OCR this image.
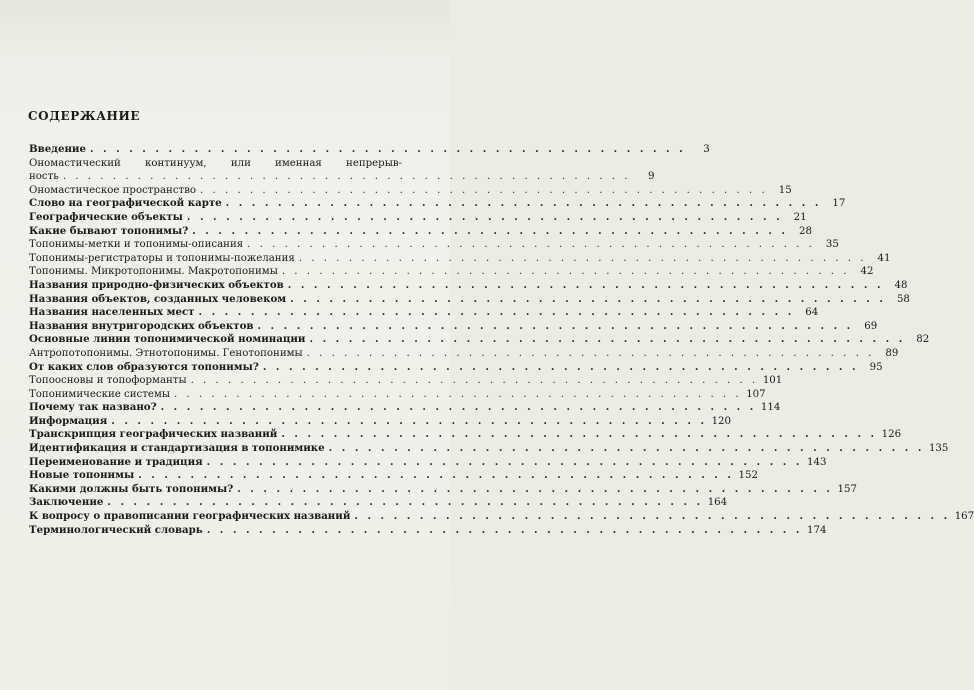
СОДЕРЖАНИЕ
Введение . . . . . . . . . . . . . . . . . . . . . . . . . . . . . . . . . . . . . . . . . . . . . .	3
Ономастический континуум, или именная непрерыв-
ность . . . . . . . . . . . . . . . . . . . . . . . . . . . . . . . . . . . . . . . . . . . . . .	9
Ономастическое пространство . . . . . . . . . . . . . . . . . . . . . . . . . . . . . . . . . . . . . . . . . . . . . .	15
Слово на географической карте . . . . . . . . . . . . . . . . . . . . . . . . . . . . . . . . . . . . . . . . . . . . . .	17
Географические объекты . . . . . . . . . . . . . . . . . . . . . . . . . . . . . . . . . . . . . . . . . . . . . .	21
Какие бывают топонимы? . . . . . . . . . . . . . . . . . . . . . . . . . . . . . . . . . . . . . . . . . . . . . .	28
Топонимы-метки и топонимы-описания . . . . . . . . . . . . . . . . . . . . . . . . . . . . . . . . . . . . . . . . . . . . . .	35
Топонимы-регистраторы и топонимы-пожелания . . . . . . . . . . . . . . . . . . . . . . . . . . . . . . . . . . . . . . . . . . . . . .	41
Топонимы. Микротопонимы. Макротопонимы . . . . . . . . . . . . . . . . . . . . . . . . . . . . . . . . . . . . . . . . . . . . . .	42
Названия природно-физических объектов . . . . . . . . . . . . . . . . . . . . . . . . . . . . . . . . . . . . . . . . . . . . . .	48
Названия объектов, созданных человеком . . . . . . . . . . . . . . . . . . . . . . . . . . . . . . . . . . . . . . . . . . . . . .	58
Названия населенных мест . . . . . . . . . . . . . . . . . . . . . . . . . . . . . . . . . . . . . . . . . . . . . .	64
Названия внутригородских объектов . . . . . . . . . . . . . . . . . . . . . . . . . . . . . . . . . . . . . . . . . . . . . .	69
Основные линии топонимической номинации . . . . . . . . . . . . . . . . . . . . . . . . . . . . . . . . . . . . . . . . . . . . . .	82
Антропотопонимы. Этнотопонимы. Генотопонимы . . . . . . . . . . . . . . . . . . . . . . . . . . . . . . . . . . . . . . . . . . . . . .	89
От каких слов образуются топонимы? . . . . . . . . . . . . . . . . . . . . . . . . . . . . . . . . . . . . . . . . . . . . . .	95
Топоосновы и топоформанты . . . . . . . . . . . . . . . . . . . . . . . . . . . . . . . . . . . . . . . . . . . . . . 101
Топонимические системы . . . . . . . . . . . . . . . . . . . . . . . . . . . . . . . . . . . . . . . . . . . . . . 107
Почему так названо? . . . . . . . . . . . . . . . . . . . . . . . . . . . . . . . . . . . . . . . . . . . . . . 114
Информация . . . . . . . . . . . . . . . . . . . . . . . . . . . . . . . . . . . . . . . . . . . . . . 120
Транскрипция географических названий . . . . . . . . . . . . . . . . . . . . . . . . . . . . . . . . . . . . . . . . . . . . . . 126
Идентификация и стандартизация в топонимике . . . . . . . . . . . . . . . . . . . . . . . . . . . . . . . . . . . . . . . . . . . . . . 135
Переименование и традиция . . . . . . . . . . . . . . . . . . . . . . . . . . . . . . . . . . . . . . . . . . . . . . 143
Новые топонимы . . . . . . . . . . . . . . . . . . . . . . . . . . . . . . . . . . . . . . . . . . . . . . 152
Какими должны быть топонимы? . . . . . . . . . . . . . . . . . . . . . . . . . . . . . . . . . . . . . . . . . . . . . . 157
Заключение . . . . . . . . . . . . . . . . . . . . . . . . . . . . . . . . . . . . . . . . . . . . . . 164
К вопросу о правописании географических названий . . . . . . . . . . . . . . . . . . . . . . . . . . . . . . . . . . . . . . . . . . . . . . 167
Терминологический словарь . . . . . . . . . . . . . . . . . . . . . . . . . . . . . . . . . . . . . . . . . . . . . . 174
